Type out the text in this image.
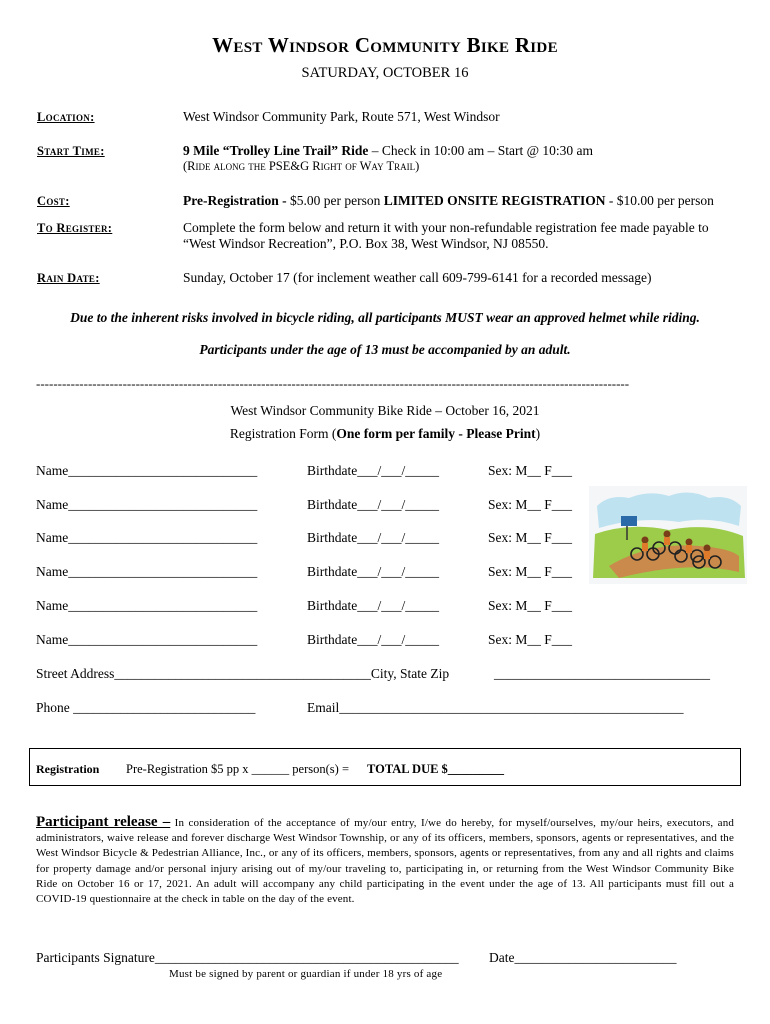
West Windsor Community Bike Ride
SATURDAY, OCTOBER 16
Location:	West Windsor Community Park, Route 571, West Windsor
Start Time:	9 Mile “Trolley Line Trail” Ride – Check in 10:00 am – Start @ 10:30 am
(Ride along the PSE&G Right of Way Trail)
Cost:	Pre-Registration - $5.00 per person LIMITED ONSITE REGISTRATION - $10.00 per person
To Register:	Complete the form below and return it with your non-refundable registration fee made payable to
“West Windsor Recreation”, P.O. Box 38, West Windsor, NJ 08550.
Rain Date:	Sunday, October 17 (for inclement weather call 609-799-6141 for a recorded message)
Due to the inherent risks involved in bicycle riding, all participants MUST wear an approved helmet while riding.
Participants under the age of 13 must be accompanied by an adult.
-----------------------------------------------------------------------------------------------------------------------------------------
West Windsor Community Bike Ride – October 16, 2021
Registration Form (One form per family - Please Print)
Name____________________________	Birthdate___/___/_____	Sex: M__ F___
Name____________________________	Birthdate___/___/_____	Sex: M__ F___
Name____________________________	Birthdate___/___/_____	Sex: M__ F___
Name____________________________	Birthdate___/___/_____	Sex: M__ F___
Name____________________________	Birthdate___/___/_____	Sex: M__ F___
Name____________________________	Birthdate___/___/_____	Sex: M__ F___
Street Address______________________________________City, State Zip	________________________________
Phone ___________________________	Email___________________________________________________
Registration Pre-Registration $5 pp x ______ person(s) = TOTAL DUE $_________
Participant release – In consideration of the acceptance of my/our entry, I/we do hereby, for myself/ourselves, my/our heirs, executors, and administrators, waive release and forever discharge West Windsor Township, or any of its officers, members, sponsors, agents or representatives, and the West Windsor Bicycle & Pedestrian Alliance, Inc., or any of its officers, members, sponsors, agents or representatives, from any and all rights and claims for property damage and/or personal injury arising out of my/our traveling to, participating in, or returning from the West Windsor Community Bike Ride on October 16 or 17, 2021. An adult will accompany any child participating in the event under the age of 13. All participants must fill out a COVID-19 questionnaire at the check in table on the day of the event.
Participants Signature_____________________________________________ Date________________________
Must be signed by parent or guardian if under 18 yrs of age
